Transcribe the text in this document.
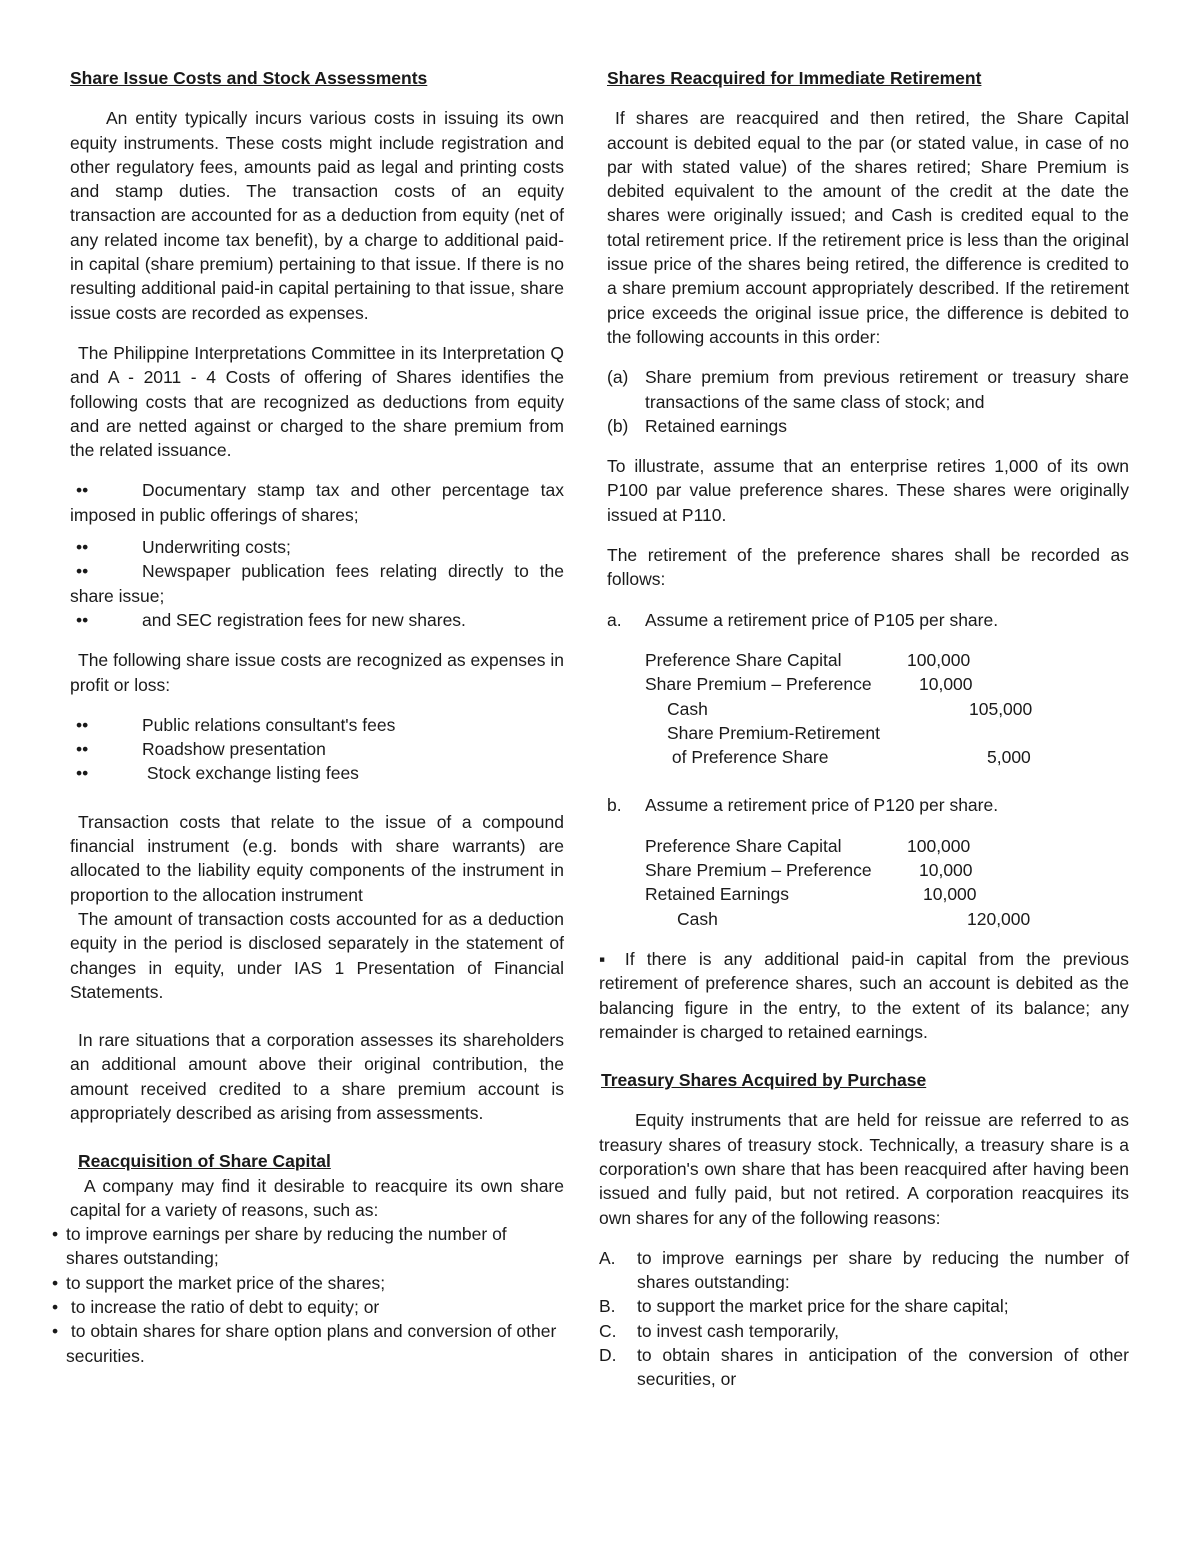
Share Issue Costs and Stock Assessments

An entity typically incurs various costs in issuing its own equity instruments. These costs might include registration and other regulatory fees, amounts paid as legal and printing costs and stamp duties. The transaction costs of an equity transaction are accounted for as a deduction from equity (net of any related income tax benefit), by a charge to additional paid-in capital (share premium) pertaining to that issue. If there is no resulting additional paid-in capital pertaining to that issue, share issue costs are recorded as expenses.

The Philippine Interpretations Committee in its Interpretation Q and A - 2011 - 4 Costs of offering of Shares identifies the following costs that are recognized as deductions from equity and are netted against or charged to the share premium from the related issuance.

• •	Documentary stamp tax and other percentage tax imposed in public offerings of shares;
• •	Underwriting costs;
• •	Newspaper publication fees relating directly to the share issue;
• •	and SEC registration fees for new shares.

The following share issue costs are recognized as expenses in profit or loss:

• •	Public relations consultant's fees
• •	Roadshow presentation
• •	Stock exchange listing fees

Transaction costs that relate to the issue of a compound financial instrument (e.g. bonds with share warrants) are allocated to the liability equity components of the instrument in proportion to the allocation instrument

The amount of transaction costs accounted for as a deduction equity in the period is disclosed separately in the statement of changes in equity, under IAS 1 Presentation of Financial Statements.

In rare situations that a corporation assesses its shareholders an additional amount above their original contribution, the amount received credited to a share premium account is appropriately described as arising from assessments.

Reacquisition of Share Capital

A company may find it desirable to reacquire its own share capital for a variety of reasons, such as:

• to improve earnings per share by reducing the number of shares outstanding;
• to support the market price of the shares;
• to increase the ratio of debt to equity; or
• to obtain shares for share option plans and conversion of other securities.

Shares Reacquired for Immediate Retirement

If shares are reacquired and then retired, the Share Capital account is debited equal to the par (or stated value, in case of no par with stated value) of the shares retired; Share Premium is debited equivalent to the amount of the credit at the date the shares were originally issued; and Cash is credited equal to the total retirement price. If the retirement price is less than the original issue price of the shares being retired, the difference is credited to a share premium account appropriately described. If the retirement price exceeds the original issue price, the difference is debited to the following accounts in this order:

(a) Share premium from previous retirement or treasury share transactions of the same class of stock; and
(b) Retained earnings

To illustrate, assume that an enterprise retires 1,000 of its own P100 par value preference shares. These shares were originally issued at P110.

The retirement of the preference shares shall be recorded as follows:

a.	Assume a retirement price of P105 per share.
Preference Share Capital	100,000
Share Premium – Preference	10,000
Cash	105,000
Share Premium-Retirement
of Preference Share	5,000
b.	Assume a retirement price of P120 per share.
Preference Share Capital	100,000
Share Premium – Preference	10,000
Retained Earnings	10,000
Cash	120,000

▪ If there is any additional paid-in capital from the previous retirement of preference shares, such an account is debited as the balancing figure in the entry, to the extent of its balance; any remainder is charged to retained earnings.

Treasury Shares Acquired by Purchase

Equity instruments that are held for reissue are referred to as treasury shares of treasury stock. Technically, a treasury share is a corporation's own share that has been reacquired after having been issued and fully paid, but not retired. A corporation reacquires its own shares for any of the following reasons:

A.	to improve earnings per share by reducing the number of shares outstanding:
B.	to support the market price for the share capital;
C.	to invest cash temporarily,
D.	to obtain shares in anticipation of the conversion of other securities, or
